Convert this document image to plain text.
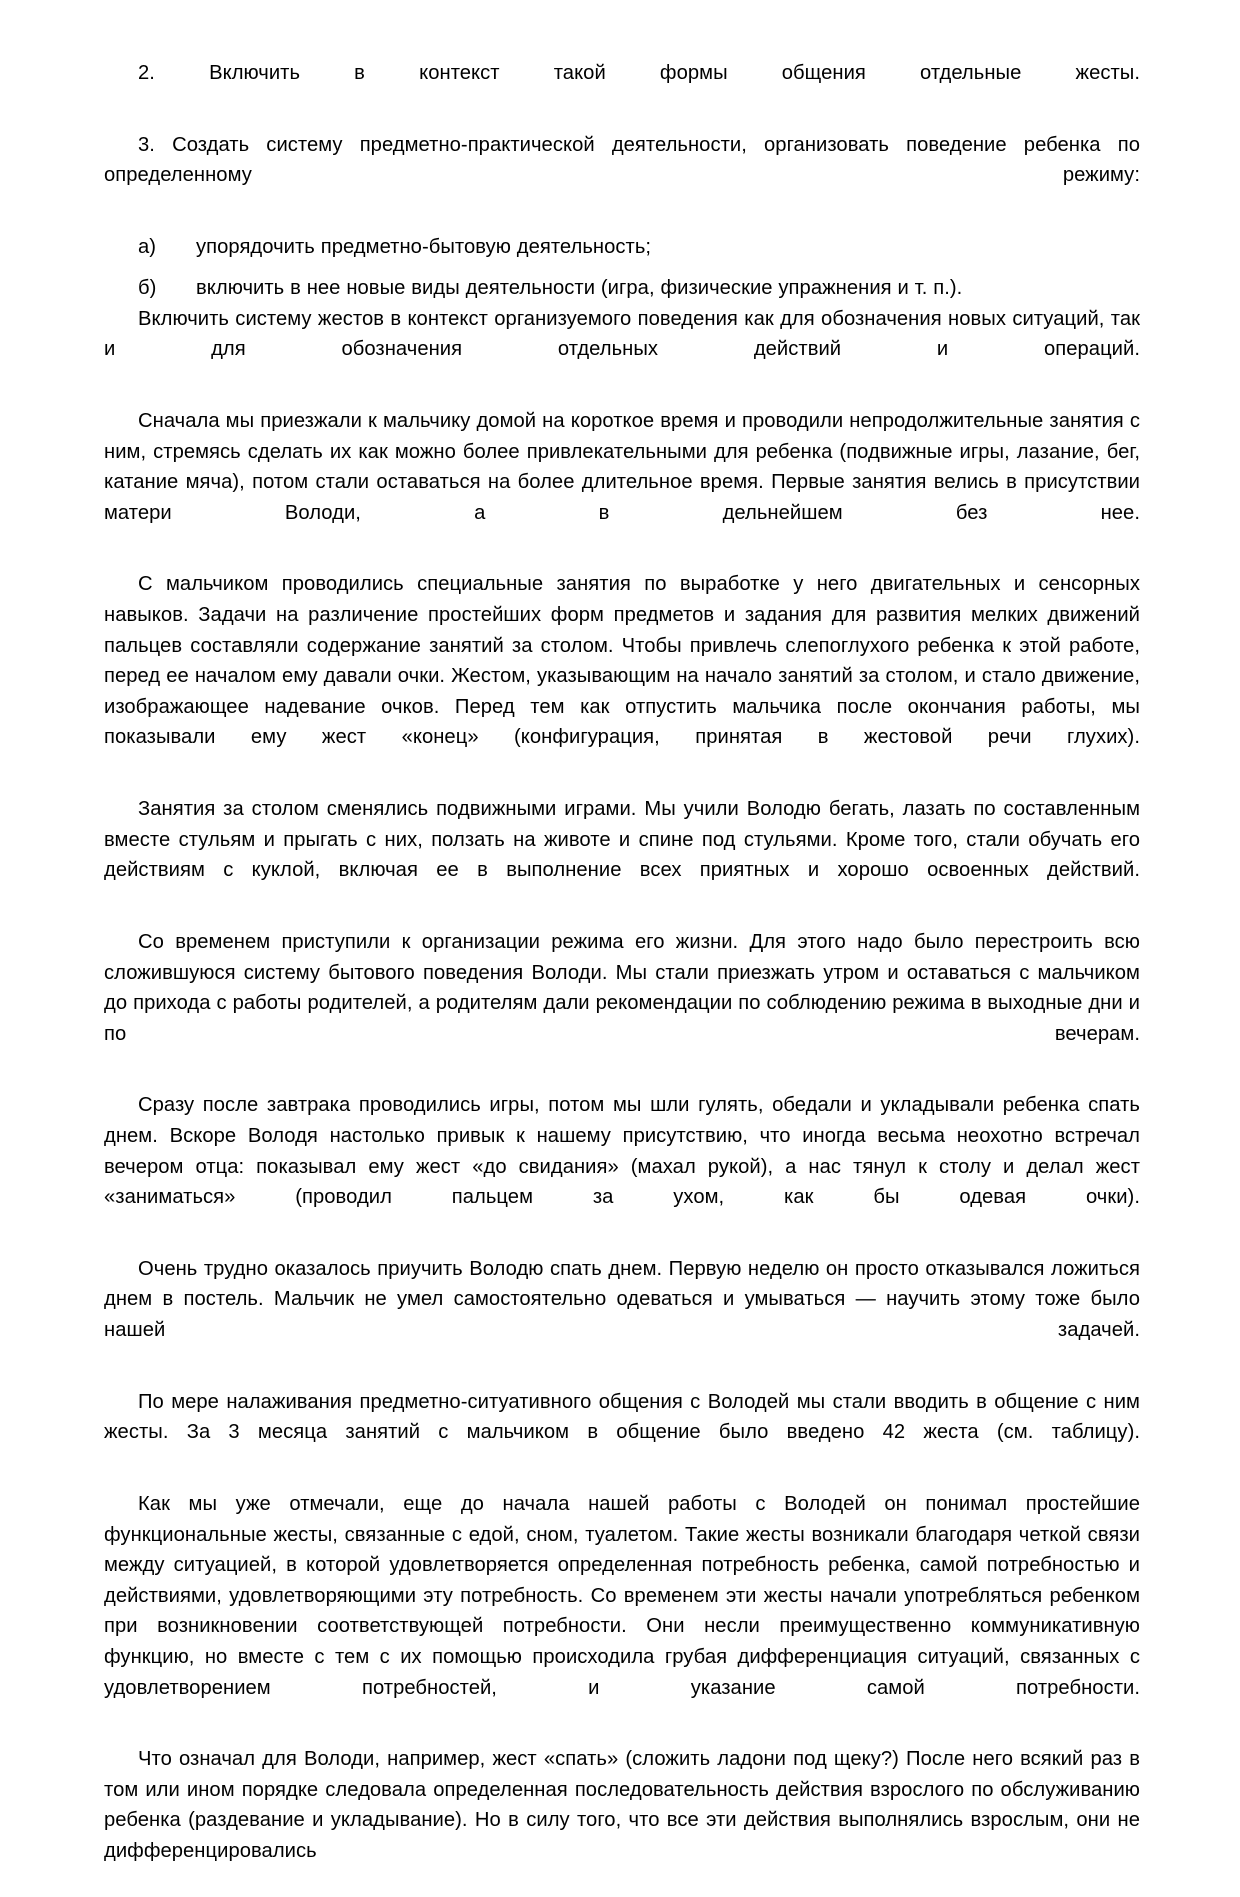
2. Включить в контекст такой формы общения отдельные жесты.

3. Создать систему предметно-практической деятельности, организовать поведение ребенка по определенному режиму:

а)	упорядочить предметно-бытовую деятельность;
б)	включить в нее новые виды деятельности (игра, физические упражнения и т. п.).

Включить систему жестов в контекст организуемого поведения как для обозначения новых ситуаций, так и для обозначения отдельных действий и операций.

Сначала мы приезжали к мальчику домой на короткое время и проводили непродолжительные занятия с ним, стремясь сделать их как можно более привлекательными для ребенка (подвижные игры, лазание, бег, катание мяча), потом стали оставаться на более длительное время. Первые занятия велись в присутствии матери Володи, а в дельнейшем без нее.

С мальчиком проводились специальные занятия по выработке у него двигательных и сенсорных навыков. Задачи на различение простейших форм предметов и задания для развития мелких движений пальцев составляли содержание занятий за столом. Чтобы привлечь слепоглухого ребенка к этой работе, перед ее началом ему давали очки. Жестом, указывающим на начало занятий за столом, и стало движение, изображающее надевание очков. Перед тем как отпустить мальчика после окончания работы, мы показывали ему жест «конец» (конфигурация, принятая в жестовой речи глухих).

Занятия за столом сменялись подвижными играми. Мы учили Володю бегать, лазать по составленным вместе стульям и прыгать с них, ползать на животе и спине под стульями. Кроме того, стали обучать его действиям с куклой, включая ее в выполнение всех приятных и хорошо освоенных действий.

Со временем приступили к организации режима его жизни. Для этого надо было перестроить всю сложившуюся систему бытового поведения Володи. Мы стали приезжать утром и оставаться с мальчиком до прихода с работы родителей, а родителям дали рекомендации по соблюдению режима в выходные дни и по вечерам.

Сразу после завтрака проводились игры, потом мы шли гулять, обедали и укладывали ребенка спать днем. Вскоре Володя настолько привык к нашему присутствию, что иногда весьма неохотно встречал вечером отца: показывал ему жест «до свидания» (махал рукой), а нас тянул к столу и делал жест «заниматься» (проводил пальцем за ухом, как бы одевая очки).

Очень трудно оказалось приучить Володю спать днем. Первую неделю он просто отказывался ложиться днем в постель. Мальчик не умел самостоятельно одеваться и умываться — научить этому тоже было нашей задачей.

По мере налаживания предметно-ситуативного общения с Володей мы стали вводить в общение с ним жесты. За 3 месяца занятий с мальчиком в общение было введено 42 жеста (см. таблицу).

Как мы уже отмечали, еще до начала нашей работы с Володей он понимал простейшие функциональные жесты, связанные с едой, сном, туалетом. Такие жесты возникали благодаря четкой связи между ситуацией, в которой удовлетворяется определенная потребность ребенка, самой потребностью и действиями, удовлетворяющими эту потребность. Со временем эти жесты начали употребляться ребенком при возникновении соответствующей потребности. Они несли преимущественно коммуникативную функцию, но вместе с тем с их помощью происходила грубая дифференциация ситуаций, связанных с удовлетворением потребностей, и указание самой потребности.

Что означал для Володи, например, жест «спать» (сложить ладони под щеку?) После него всякий раз в том или ином порядке следовала определенная последовательность действия взрослого по обслуживанию ребенка (раздевание и укладывание). Но в силу того, что все эти действия выполнялись взрослым, они не дифференцировались
